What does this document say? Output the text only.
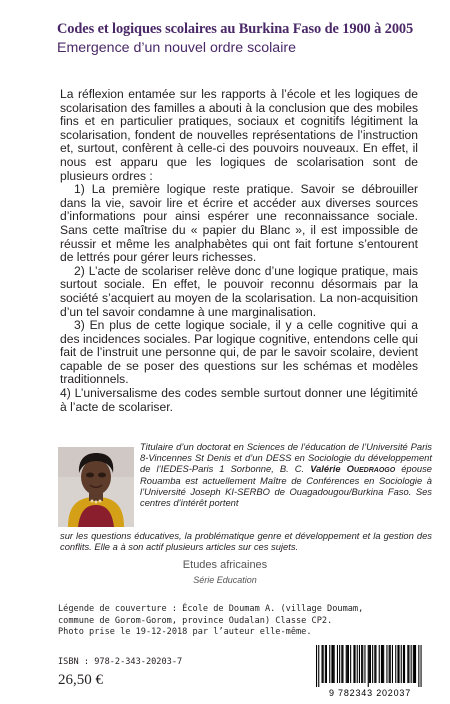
Codes et logiques scolaires au Burkina Faso de 1900 à 2005
Emergence d’un nouvel ordre scolaire

La réflexion entamée sur les rapports à l’école et les logiques de scolarisation des familles a abouti à la conclusion que des mobiles fins et en particulier pratiques, sociaux et cognitifs légitiment la scolarisation, fondent de nouvelles représentations de l’instruction et, surtout, confèrent à celle-ci des pouvoirs nouveaux. En effet, il nous est apparu que les logiques de scolarisation sont de plusieurs ordres :

1) La première logique reste pratique. Savoir se débrouiller dans la vie, savoir lire et écrire et accéder aux diverses sources d’informations pour ainsi espérer une reconnaissance sociale. Sans cette maîtrise du « papier du Blanc », il est impossible de réussir et même les analphabètes qui ont fait fortune s’entourent de lettrés pour gérer leurs richesses.

2) L’acte de scolariser relève donc d’une logique pratique, mais surtout sociale. En effet, le pouvoir reconnu désormais par la société s’acquiert au moyen de la scolarisation. La non-acquisition d’un tel savoir condamne à une marginalisation.

3) En plus de cette logique sociale, il y a celle cognitive qui a des incidences sociales. Par logique cognitive, entendons celle qui fait de l’instruit une personne qui, de par le savoir scolaire, devient capable de se poser des questions sur les schémas et modèles traditionnels.

4) L’universalisme des codes semble surtout donner une légitimité à l’acte de scolariser.

Titulaire d’un doctorat en Sciences de l’éducation de l’Université Paris 8-Vincennes St Denis et d’un DESS en Sociologie du développement de l’IEDES-Paris 1 Sorbonne, B. C. Valérie Ouedraogo épouse Rouamba est actuellement Maître de Conférences en Sociologie à l’Université Joseph KI-SERBO de Ouagadougou/Burkina Faso. Ses centres d’intérêt portent
sur les questions éducatives, la problématique genre et développement et la gestion des conflits. Elle a à son actif plusieurs articles sur ces sujets.
Etudes africaines
Série Education
Légende de couverture : École de Doumam A. (village Doumam,
commune de Gorom-Gorom, province Oudalan) Classe CP2.
Photo prise le 19-12-2018 par l’auteur elle-même.
ISBN : 978-2-343-20203-7
26,50 €
9 782343 202037
